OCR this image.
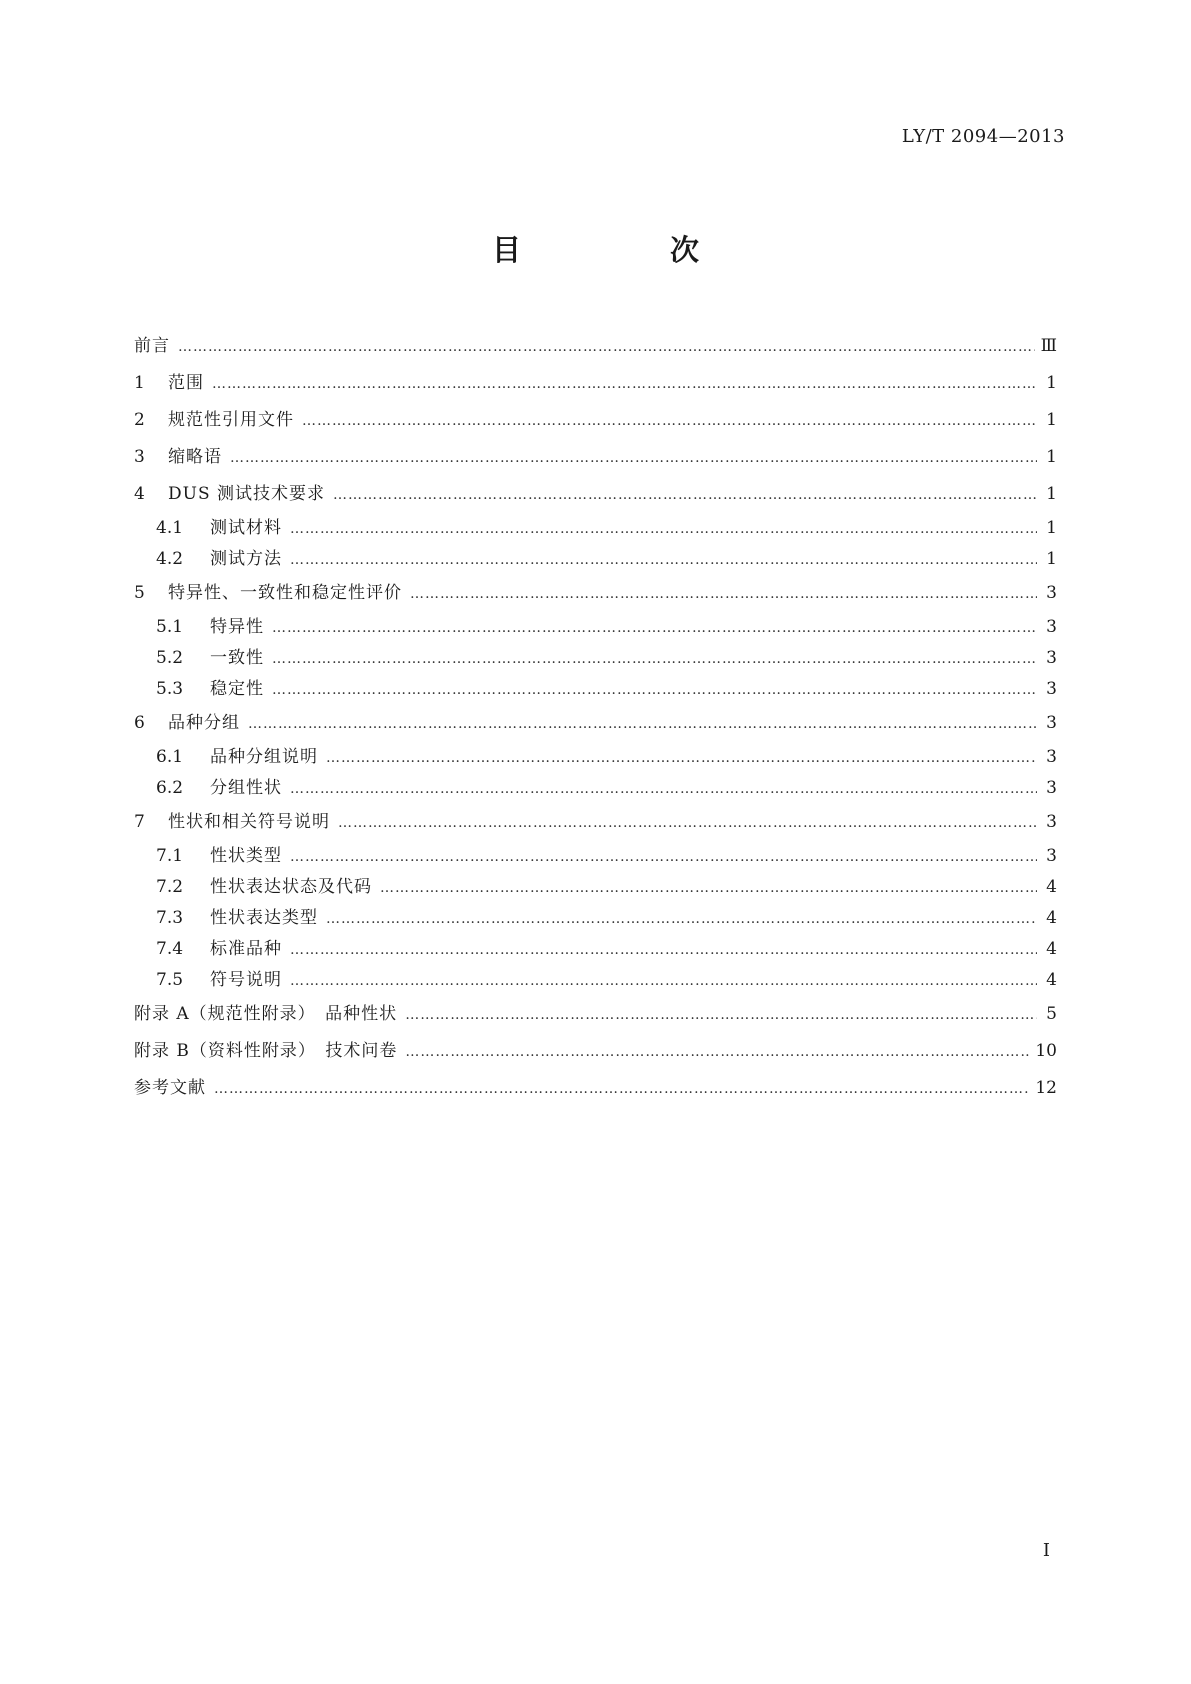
LY/T 2094—2013
目　次
前言 …………………………………………………………………………………………………………………………………………………………………………………………………………………………	Ⅲ
1	范围 …………………………………………………………………………………………………………………………………………………………………………………………………………………………	1
2	规范性引用文件 …………………………………………………………………………………………………………………………………………………………………………………………………………………………	1
3	缩略语 …………………………………………………………………………………………………………………………………………………………………………………………………………………………	1
4	DUS 测试技术要求 …………………………………………………………………………………………………………………………………………………………………………………………………………………………	1
4.1	测试材料 …………………………………………………………………………………………………………………………………………………………………………………………………………………………	1
4.2	测试方法 …………………………………………………………………………………………………………………………………………………………………………………………………………………………	1
5	特异性、一致性和稳定性评价 …………………………………………………………………………………………………………………………………………………………………………………………………………………………	3
5.1	特异性 …………………………………………………………………………………………………………………………………………………………………………………………………………………………	3
5.2	一致性 …………………………………………………………………………………………………………………………………………………………………………………………………………………………	3
5.3	稳定性 …………………………………………………………………………………………………………………………………………………………………………………………………………………………	3
6	品种分组 …………………………………………………………………………………………………………………………………………………………………………………………………………………………	3
6.1	品种分组说明 …………………………………………………………………………………………………………………………………………………………………………………………………………………………	3
6.2	分组性状 …………………………………………………………………………………………………………………………………………………………………………………………………………………………	3
7	性状和相关符号说明 …………………………………………………………………………………………………………………………………………………………………………………………………………………………	3
7.1	性状类型 …………………………………………………………………………………………………………………………………………………………………………………………………………………………	3
7.2	性状表达状态及代码 …………………………………………………………………………………………………………………………………………………………………………………………………………………………	4
7.3	性状表达类型 …………………………………………………………………………………………………………………………………………………………………………………………………………………………	4
7.4	标准品种 …………………………………………………………………………………………………………………………………………………………………………………………………………………………	4
7.5	符号说明 …………………………………………………………………………………………………………………………………………………………………………………………………………………………	4
附录 A（规范性附录）　品种性状 …………………………………………………………………………………………………………………………………………………………………………………………………………………………	5
附录 B（资料性附录）　技术问卷 …………………………………………………………………………………………………………………………………………………………………………………………………………………………	10
参考文献 …………………………………………………………………………………………………………………………………………………………………………………………………………………………	12
I
